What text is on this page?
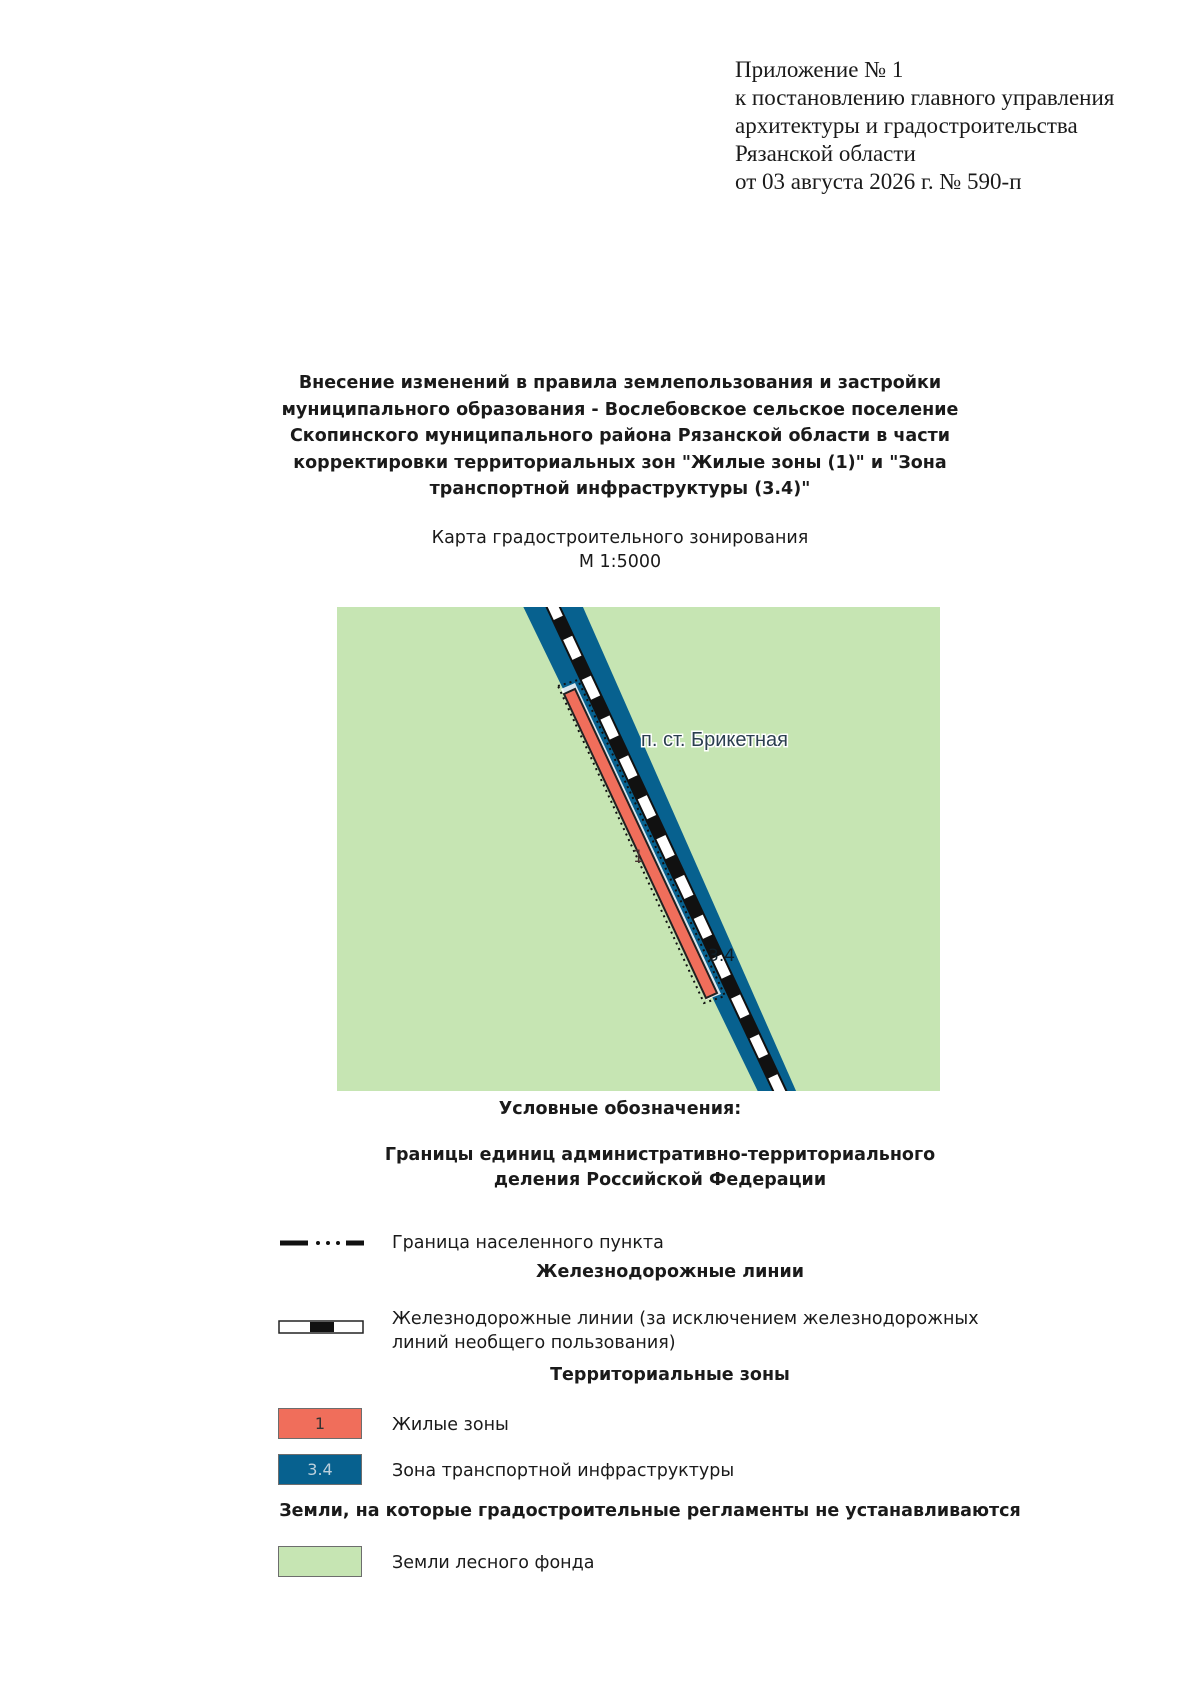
Приложение № 1
к постановлению главного управления
архитектуры и градостроительства
Рязанской области
от 03 августа 2026 г. № 590-п
Внесение изменений в правила землепользования и застройки
муниципального образования - Вослебовское сельское поселение
Скопинского муниципального района Рязанской области в части
корректировки территориальных зон "Жилые зоны (1)" и "Зона
транспортной инфраструктуры (3.4)"
Карта градостроительного зонирования
М 1:5000
п. ст. Брикетная
1
3.4
Условные обозначения:
Границы единиц административно-территориального
деления Российской Федерации
Граница населенного пункта
Железнодорожные линии
Железнодорожные линии (за исключением железнодорожных
линий необщего пользования)
Территориальные зоны
1	Жилые зоны
3.4	Зона транспортной инфраструктуры
Земли, на которые градостроительные регламенты не устанавливаются
Земли лесного фонда
